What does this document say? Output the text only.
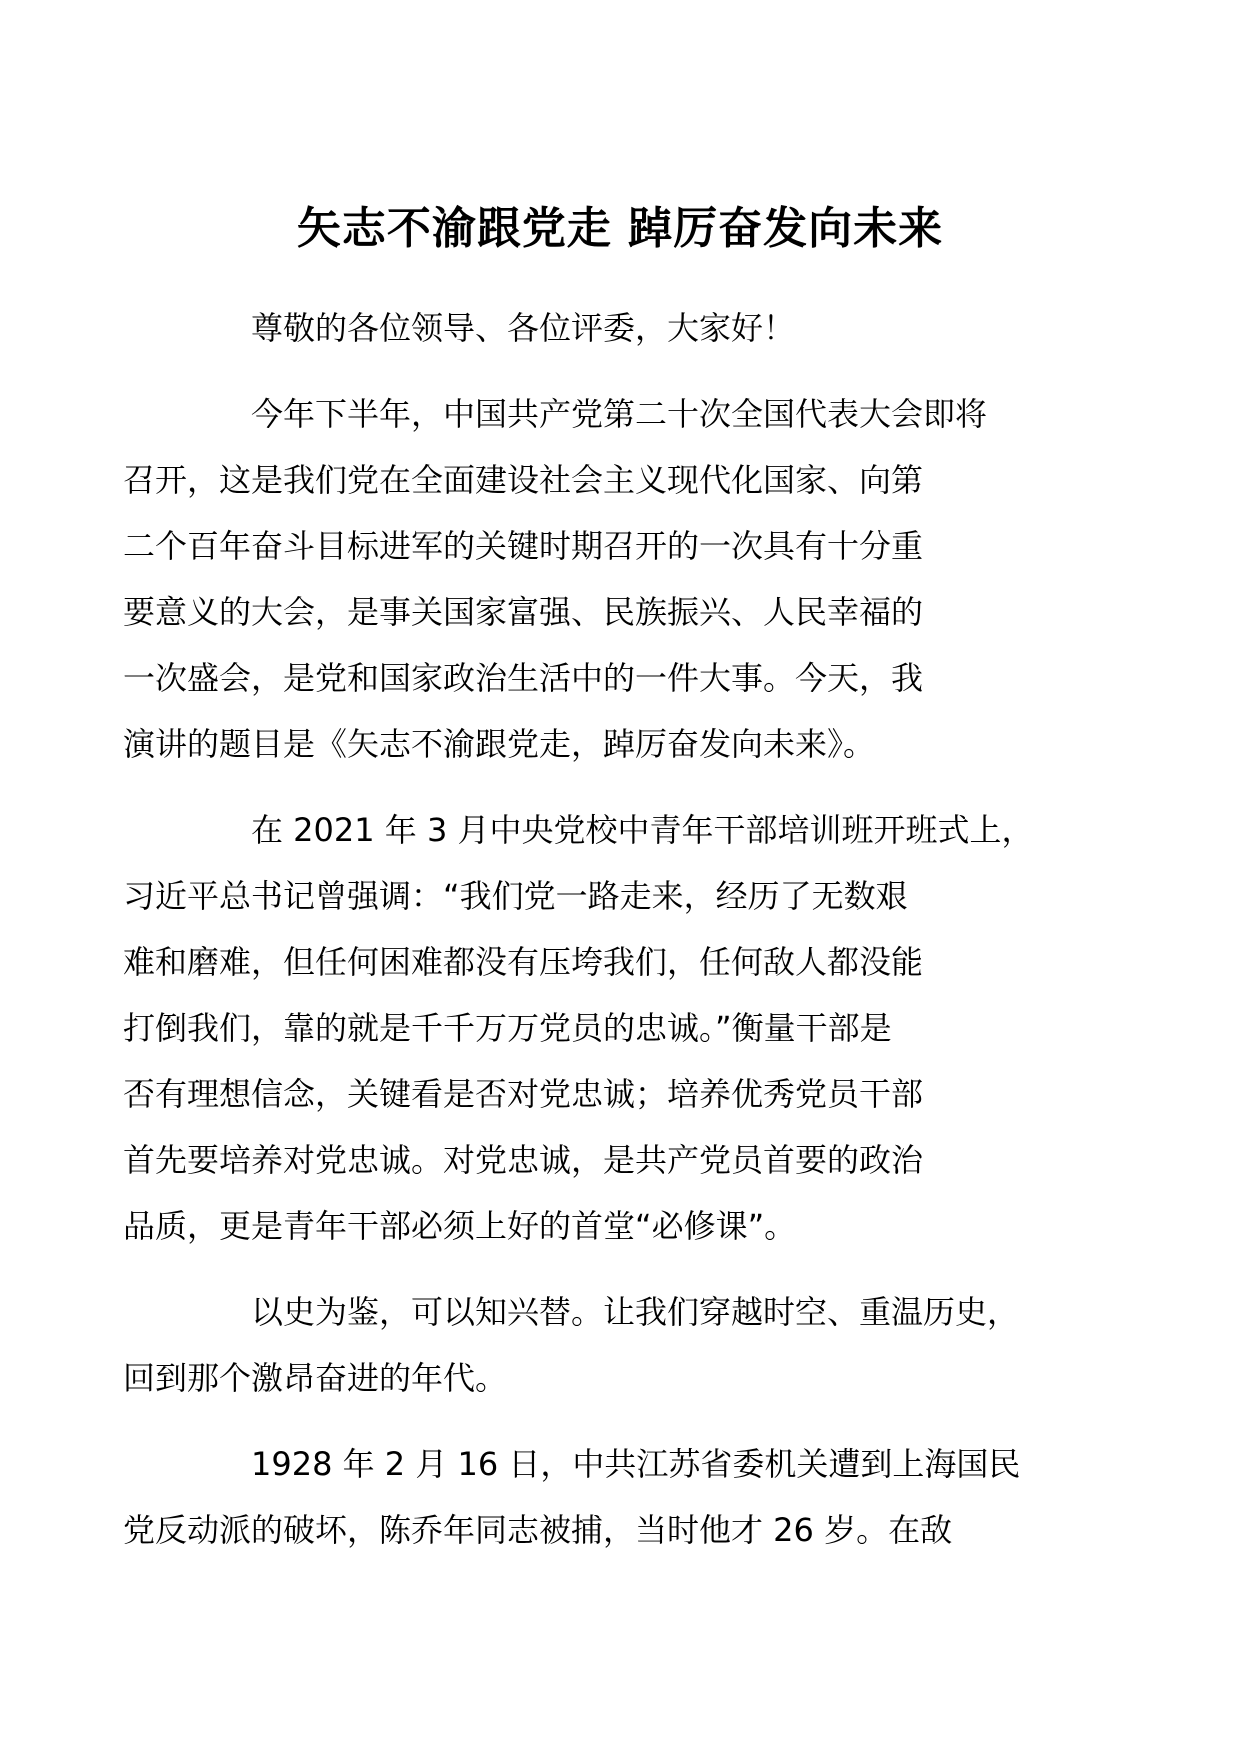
矢志不渝跟党走 踔厉奋发向未来

尊敬的各位领导、各位评委，大家好！

今年下半年，中国共产党第二十次全国代表大会即将
召开，这是我们党在全面建设社会主义现代化国家、向第
二个百年奋斗目标进军的关键时期召开的一次具有十分重
要意义的大会，是事关国家富强、民族振兴、人民幸福的
一次盛会，是党和国家政治生活中的一件大事。今天，我
演讲的题目是《矢志不渝跟党走，踔厉奋发向未来》。

在 2021 年 3 月中央党校中青年干部培训班开班式上，
习近平总书记曾强调：“我们党一路走来，经历了无数艰
难和磨难，但任何困难都没有压垮我们，任何敌人都没能
打倒我们，靠的就是千千万万党员的忠诚。”衡量干部是
否有理想信念，关键看是否对党忠诚；培养优秀党员干部
首先要培养对党忠诚。对党忠诚，是共产党员首要的政治
品质，更是青年干部必须上好的首堂“必修课”。

以史为鉴，可以知兴替。让我们穿越时空、重温历史，
回到那个激昂奋进的年代。

1928 年 2 月 16 日，中共江苏省委机关遭到上海国民
党反动派的破坏，陈乔年同志被捕，当时他才 26 岁。在敌
